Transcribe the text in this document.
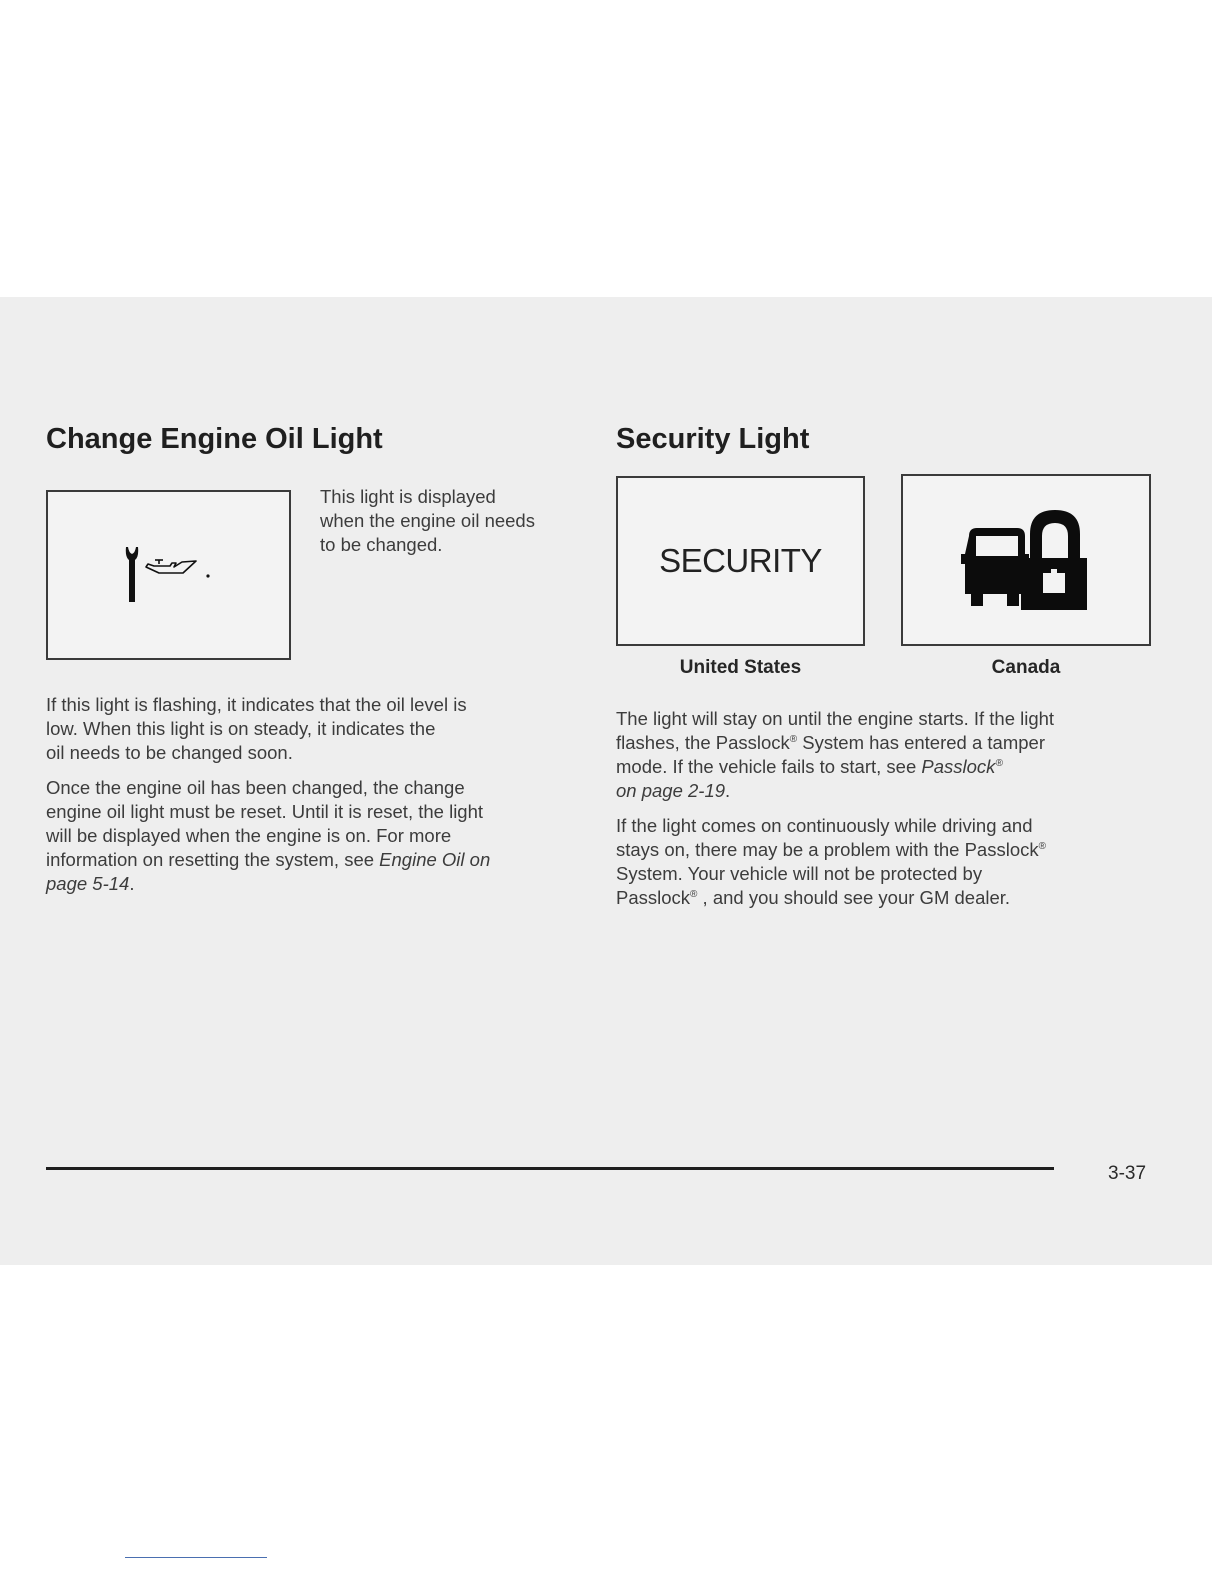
Change Engine Oil Light

This light is displayed

when the engine oil needs

to be changed.

If this light is flashing, it indicates that the oil level is

low. When this light is on steady, it indicates the

oil needs to be changed soon.

Once the engine oil has been changed, the change

engine oil light must be reset. Until it is reset, the light

will be displayed when the engine is on. For more

information on resetting the system, see Engine Oil on

page 5-14.

Security Light
SECURITY
United States	Canada

The light will stay on until the engine starts. If the light

flashes, the Passlock® System has entered a tamper

mode. If the vehicle fails to start, see Passlock®

on page 2-19.

If the light comes on continuously while driving and

stays on, there may be a problem with the Passlock®

System. Your vehicle will not be protected by

Passlock® , and you should see your GM dealer.

3-37
